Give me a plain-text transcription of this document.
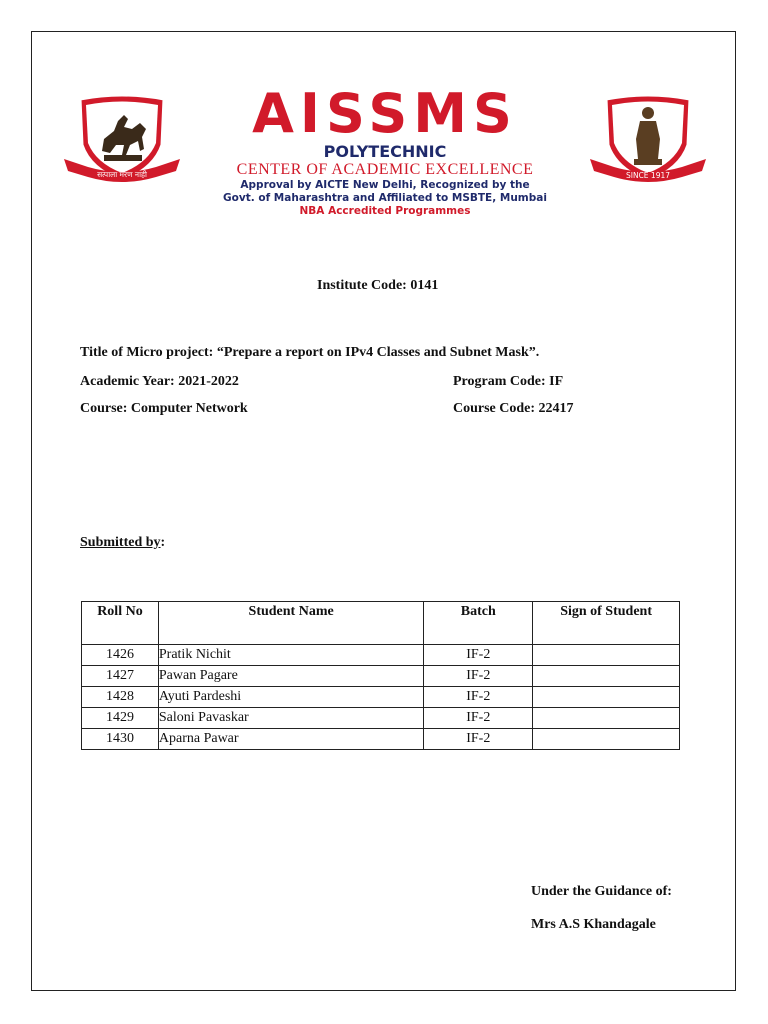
सत्पाला मरण नाही
AISSMS
POLYTECHNIC
CENTER OF ACADEMIC EXCELLENCE
Approval by AICTE New Delhi, Recognized by the
Govt. of Maharashtra and Affiliated to MSBTE, Mumbai
NBA Accredited Programmes
SINCE 1917
Institute Code: 0141
Title of Micro project: “Prepare a report on IPv4 Classes and Subnet Mask”.
Academic Year: 2021-2022	Program Code: IF
Course: Computer Network	Course Code: 22417
Submitted by:
Roll No	Student Name	Batch	Sign of Student
1426	Pratik Nichit	IF-2	
1427	Pawan Pagare	IF-2	
1428	Ayuti Pardeshi	IF-2	
1429	Saloni Pavaskar	IF-2	
1430	Aparna Pawar	IF-2	
Under the Guidance of:
Mrs A.S Khandagale
